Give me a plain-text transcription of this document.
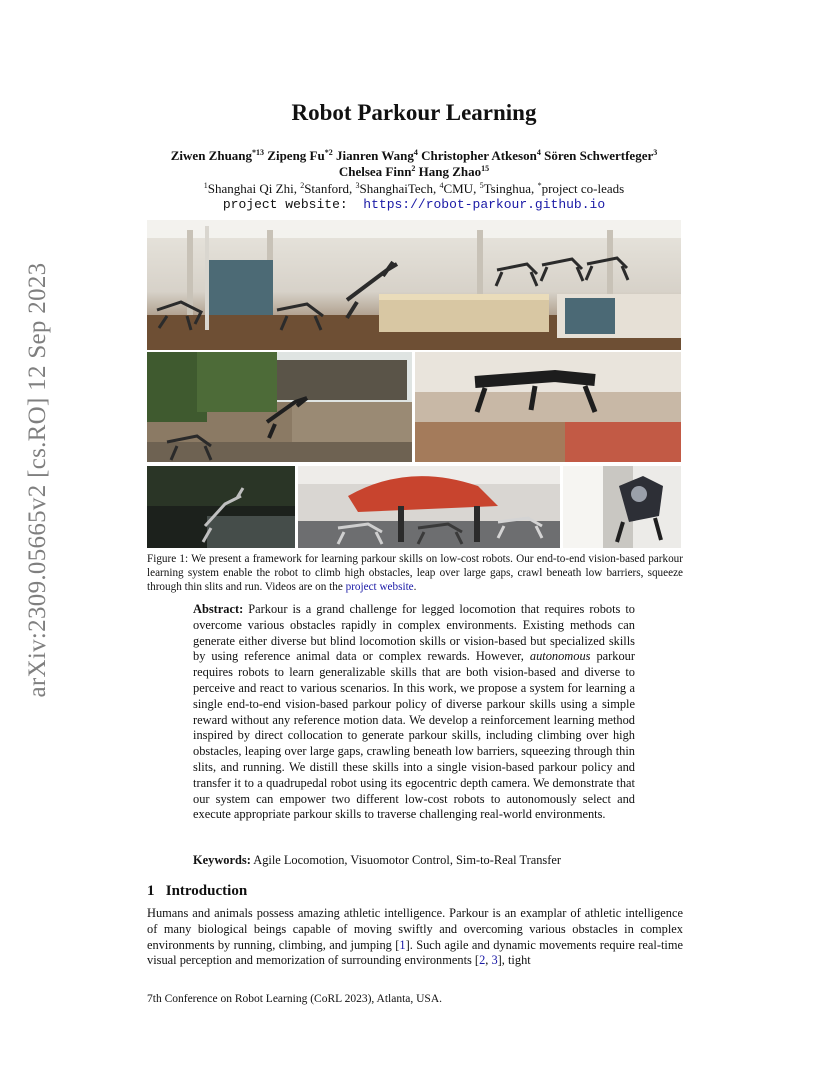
arXiv:2309.05665v2 [cs.RO] 12 Sep 2023
Robot Parkour Learning
Ziwen Zhuang$^{*13}$ Zipeng Fu$^{*2}$ Jianren Wang$^4$ Christopher Atkeson$^4$ Sören Schwertfeger$^3$
Chelsea Finn$^2$ Hang Zhao$^{15}$
$^1$Shanghai Qi Zhi, $^2$Stanford, $^3$ShanghaiTech, $^4$CMU, $^5$Tsinghua, *project co-leads
project website: https://robot-parkour.github.io
Figure 1: We present a framework for learning parkour skills on low-cost robots. Our end-to-end vision-based parkour learning system enable the robot to climb high obstacles, leap over large gaps, crawl beneath low barriers, squeeze through thin slits and run. Videos are on the project website.
Abstract: Parkour is a grand challenge for legged locomotion that requires robots to overcome various obstacles rapidly in complex environments. Existing methods can generate either diverse but blind locomotion skills or vision-based but specialized skills by using reference animal data or complex rewards. However, autonomous parkour requires robots to learn generalizable skills that are both vision-based and diverse to perceive and react to various scenarios. In this work, we propose a system for learning a single end-to-end vision-based parkour policy of diverse parkour skills using a simple reward without any reference motion data. We develop a reinforcement learning method inspired by direct collocation to generate parkour skills, including climbing over high obstacles, leaping over large gaps, crawling beneath low barriers, squeezing through thin slits, and running. We distill these skills into a single vision-based parkour policy and transfer it to a quadrupedal robot using its egocentric depth camera. We demonstrate that our system can empower two different low-cost robots to autonomously select and execute appropriate parkour skills to traverse challenging real-world environments.
Keywords: Agile Locomotion, Visuomotor Control, Sim-to-Real Transfer
1 Introduction
Humans and animals possess amazing athletic intelligence. Parkour is an examplar of athletic intelligence of many biological beings capable of moving swiftly and overcoming various obstacles in complex environments by running, climbing, and jumping [1]. Such agile and dynamic movements require real-time visual perception and memorization of surrounding environments [2, 3], tight
7th Conference on Robot Learning (CoRL 2023), Atlanta, USA.
